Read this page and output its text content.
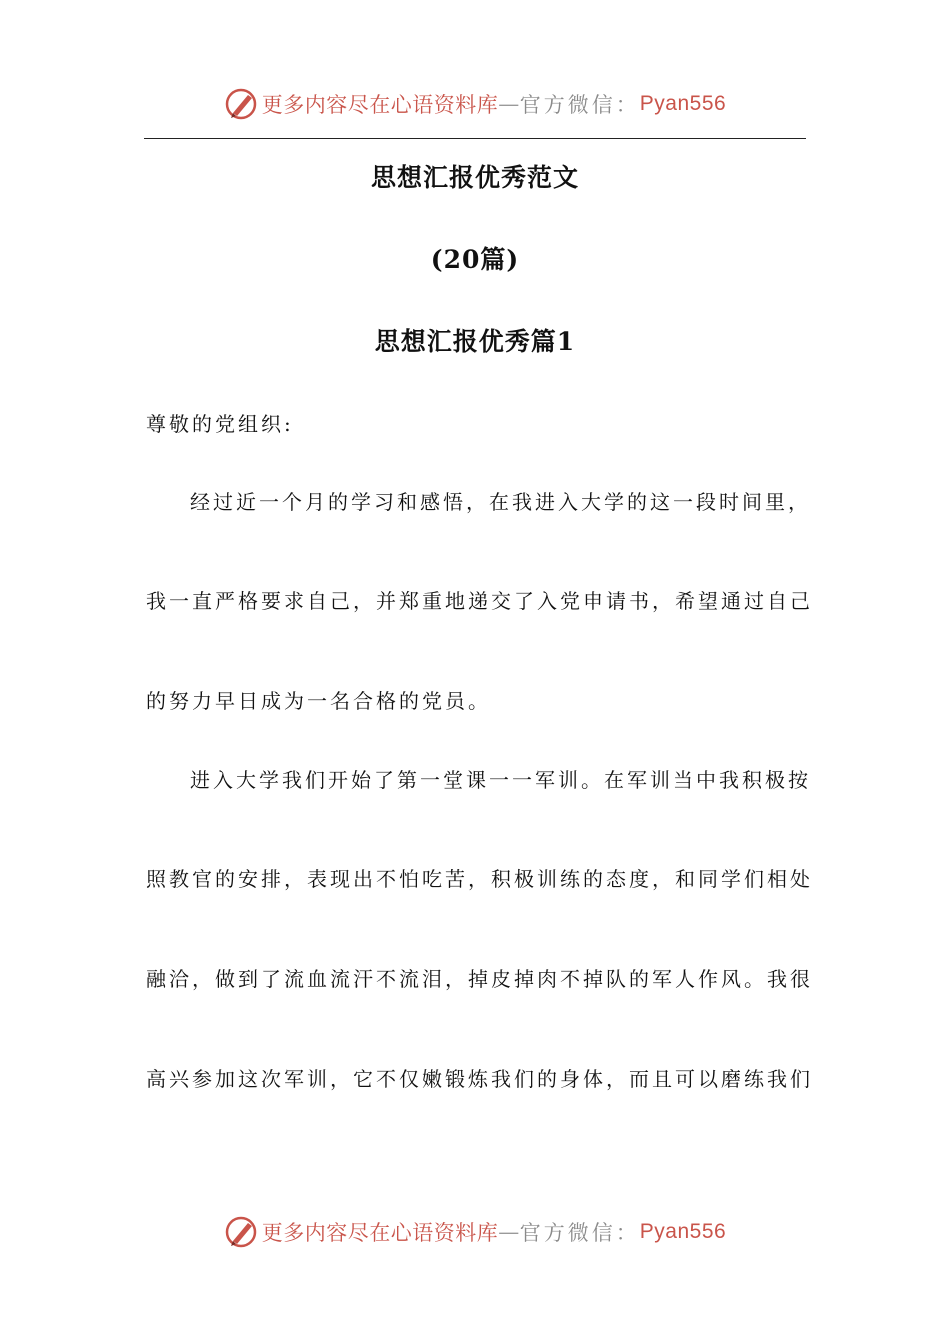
更多内容尽在心语资料库 — 官方微信： Pyan556
思想汇报优秀范文
(20篇)
思想汇报优秀篇1
尊敬的党组织:
经过近一个月的学习和感悟，在我进入大学的这一段时间里，
我一直严格要求自己，并郑重地递交了入党申请书，希望通过自己
的努力早日成为一名合格的党员。
进入大学我们开始了第一堂课一一军训。在军训当中我积极按
照教官的安排，表现出不怕吃苦，积极训练的态度，和同学们相处
融洽，做到了流血流汗不流泪，掉皮掉肉不掉队的军人作风。我很
高兴参加这次军训，它不仅嫩锻炼我们的身体，而且可以磨练我们
更多内容尽在心语资料库 — 官方微信： Pyan556
